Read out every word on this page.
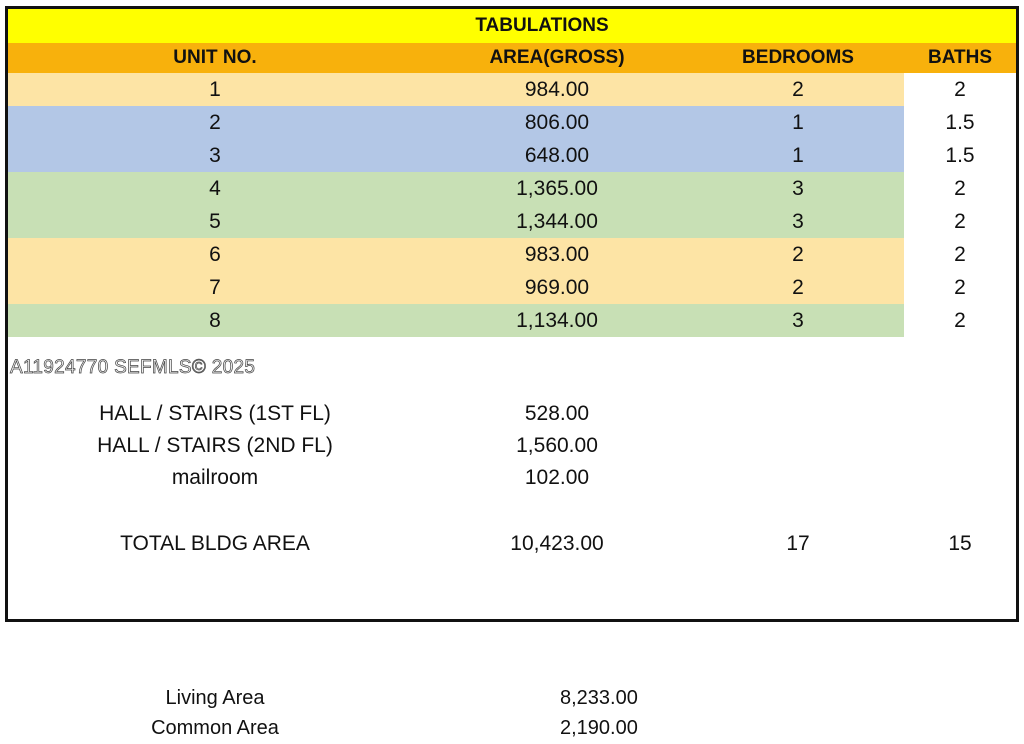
TABULATIONS
UNIT NO.	AREA(GROSS)	BEDROOMS	BATHS
1	984.00	2	2
2	806.00	1	1.5
3	648.00	1	1.5
4	1,365.00	3	2
5	1,344.00	3	2
6	983.00	2	2
7	969.00	2	2
8	1,134.00	3	2
A11924770 SEFMLS© 2025
HALL / STAIRS (1ST FL)	528.00
HALL / STAIRS (2ND FL)	1,560.00
mailroom	102.00
TOTAL BLDG AREA	10,423.00	17	15
Living Area	8,233.00
Common Area	2,190.00
